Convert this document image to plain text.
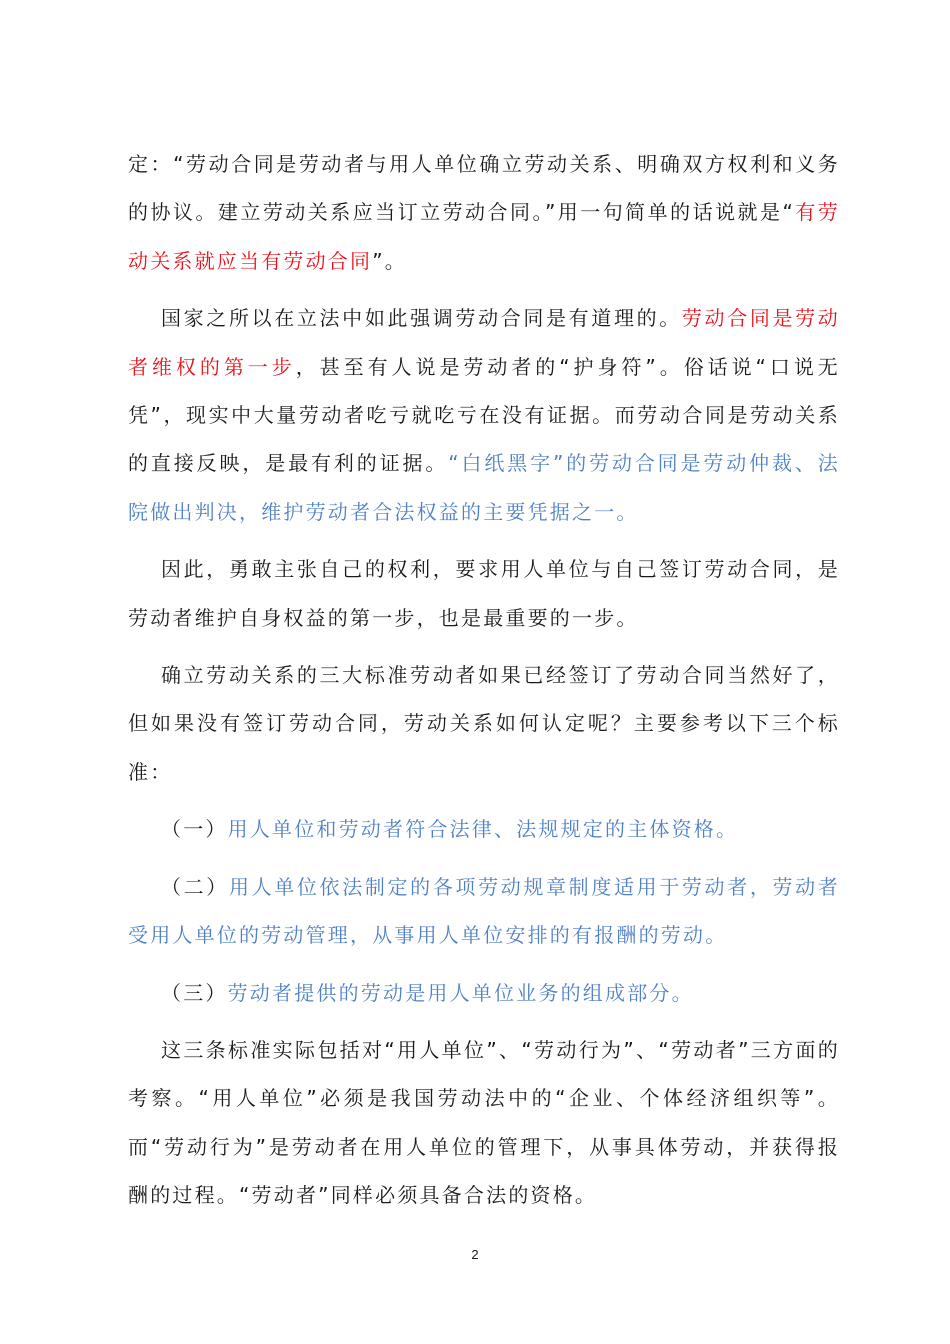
定：“劳动合同是劳动者与用人单位确立劳动关系、明确双方权利和义务的协议。建立劳动关系应当订立劳动合同。”用一句简单的话说就是“有劳动关系就应当有劳动合同”。

国家之所以在立法中如此强调劳动合同是有道理的。劳动合同是劳动者维权的第一步，甚至有人说是劳动者的“护身符”。俗话说“口说无凭”，现实中大量劳动者吃亏就吃亏在没有证据。而劳动合同是劳动关系的直接反映，是最有利的证据。“白纸黑字”的劳动合同是劳动仲裁、法院做出判决，维护劳动者合法权益的主要凭据之一。

因此，勇敢主张自己的权利，要求用人单位与自己签订劳动合同，是劳动者维护自身权益的第一步，也是最重要的一步。

确立劳动关系的三大标准劳动者如果已经签订了劳动合同当然好了，但如果没有签订劳动合同，劳动关系如何认定呢？主要参考以下三个标准：

（一）用人单位和劳动者符合法律、法规规定的主体资格。

（二）用人单位依法制定的各项劳动规章制度适用于劳动者，劳动者受用人单位的劳动管理，从事用人单位安排的有报酬的劳动。

（三）劳动者提供的劳动是用人单位业务的组成部分。

这三条标准实际包括对“用人单位”、“劳动行为”、“劳动者”三方面的考察。“用人单位”必须是我国劳动法中的“企业、个体经济组织等”。而“劳动行为”是劳动者在用人单位的管理下，从事具体劳动，并获得报酬的过程。“劳动者”同样必须具备合法的资格。

2
